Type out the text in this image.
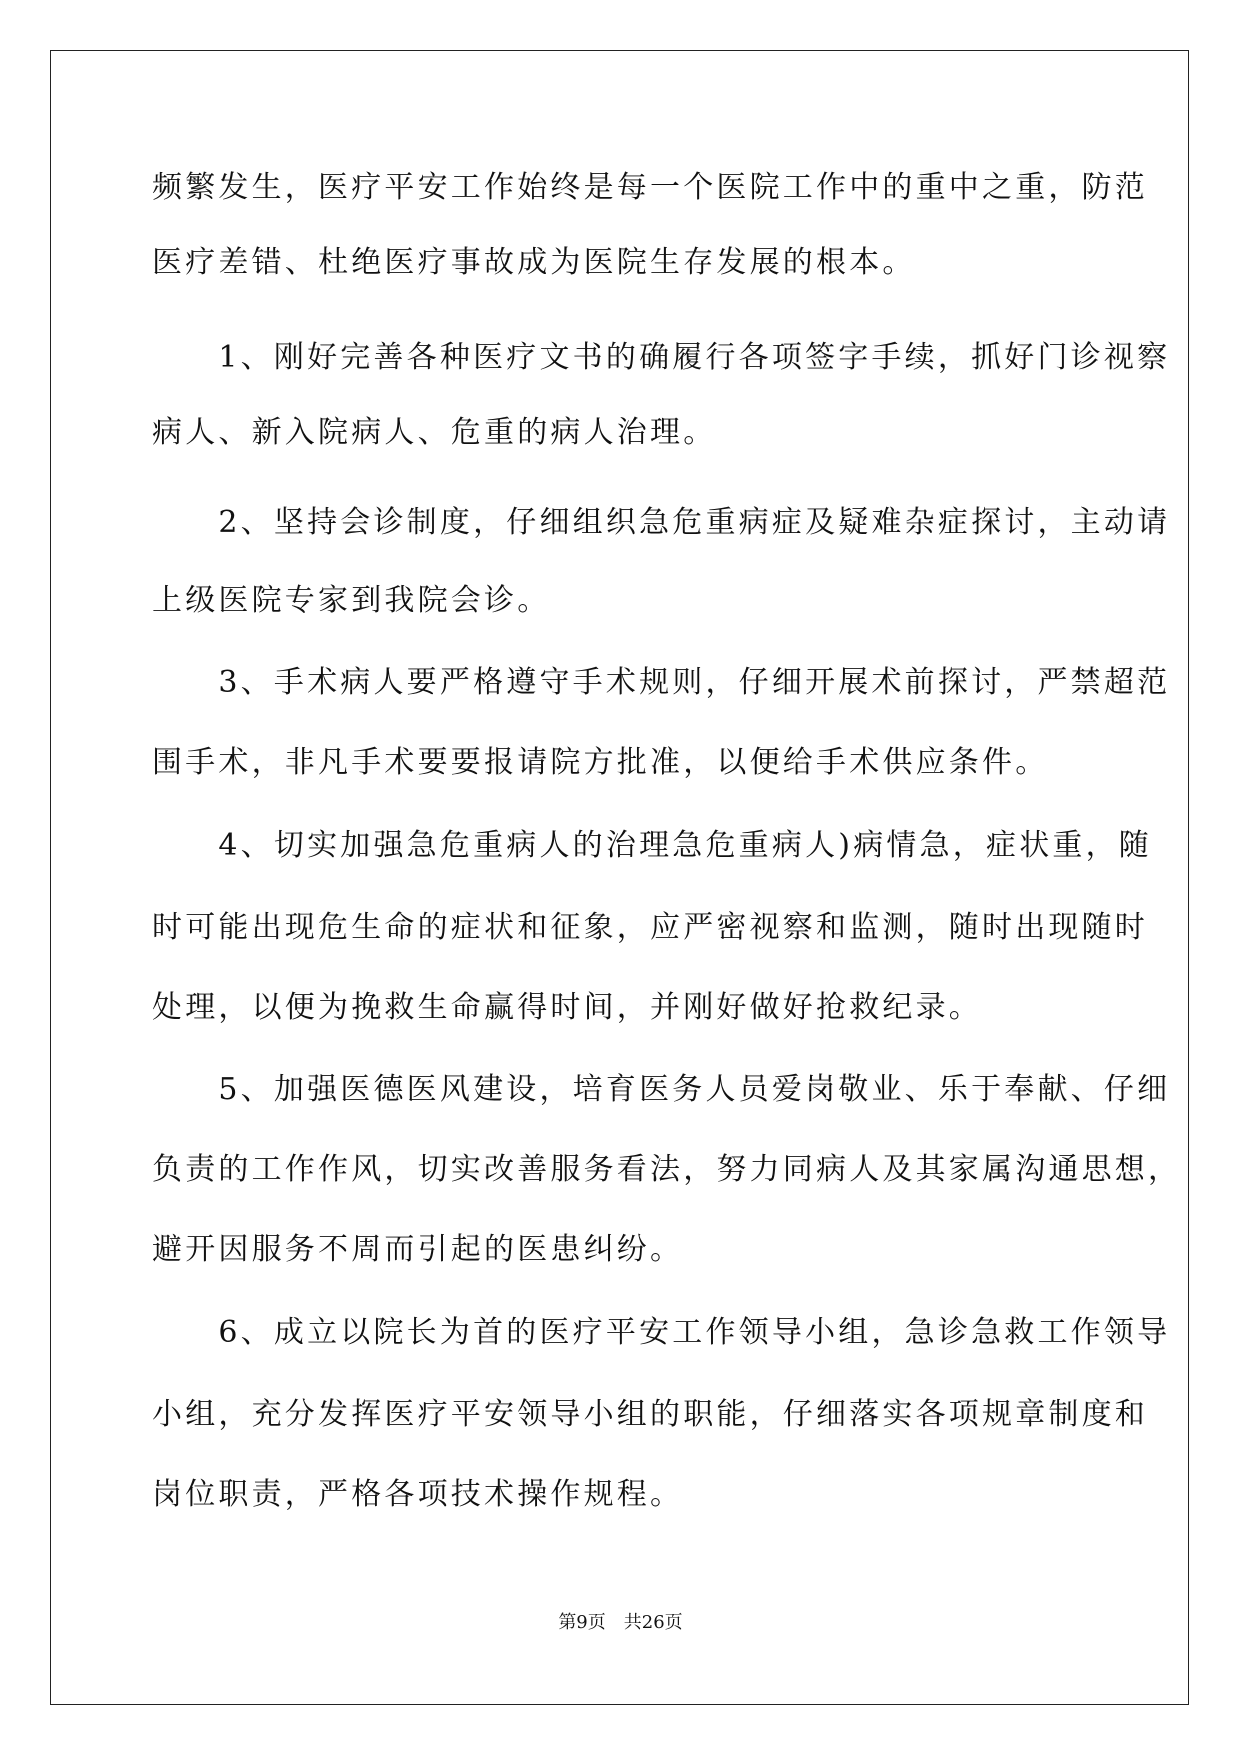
频繁发生，医疗平安工作始终是每一个医院工作中的重中之重，防范
医疗差错、杜绝医疗事故成为医院生存发展的根本。
　　1、刚好完善各种医疗文书的确履行各项签字手续，抓好门诊视察
病人、新入院病人、危重的病人治理。
　　2、坚持会诊制度，仔细组织急危重病症及疑难杂症探讨，主动请
上级医院专家到我院会诊。
　　3、手术病人要严格遵守手术规则，仔细开展术前探讨，严禁超范
围手术，非凡手术要要报请院方批准，以便给手术供应条件。
　　4、切实加强急危重病人的治理急危重病人)病情急，症状重，随
时可能出现危生命的症状和征象，应严密视察和监测，随时出现随时
处理，以便为挽救生命赢得时间，并刚好做好抢救纪录。
　　5、加强医德医风建设，培育医务人员爱岗敬业、乐于奉献、仔细
负责的工作作风，切实改善服务看法，努力同病人及其家属沟通思想，
避开因服务不周而引起的医患纠纷。
　　6、成立以院长为首的医疗平安工作领导小组，急诊急救工作领导
小组，充分发挥医疗平安领导小组的职能，仔细落实各项规章制度和
岗位职责，严格各项技术操作规程。
第9页 共26页
